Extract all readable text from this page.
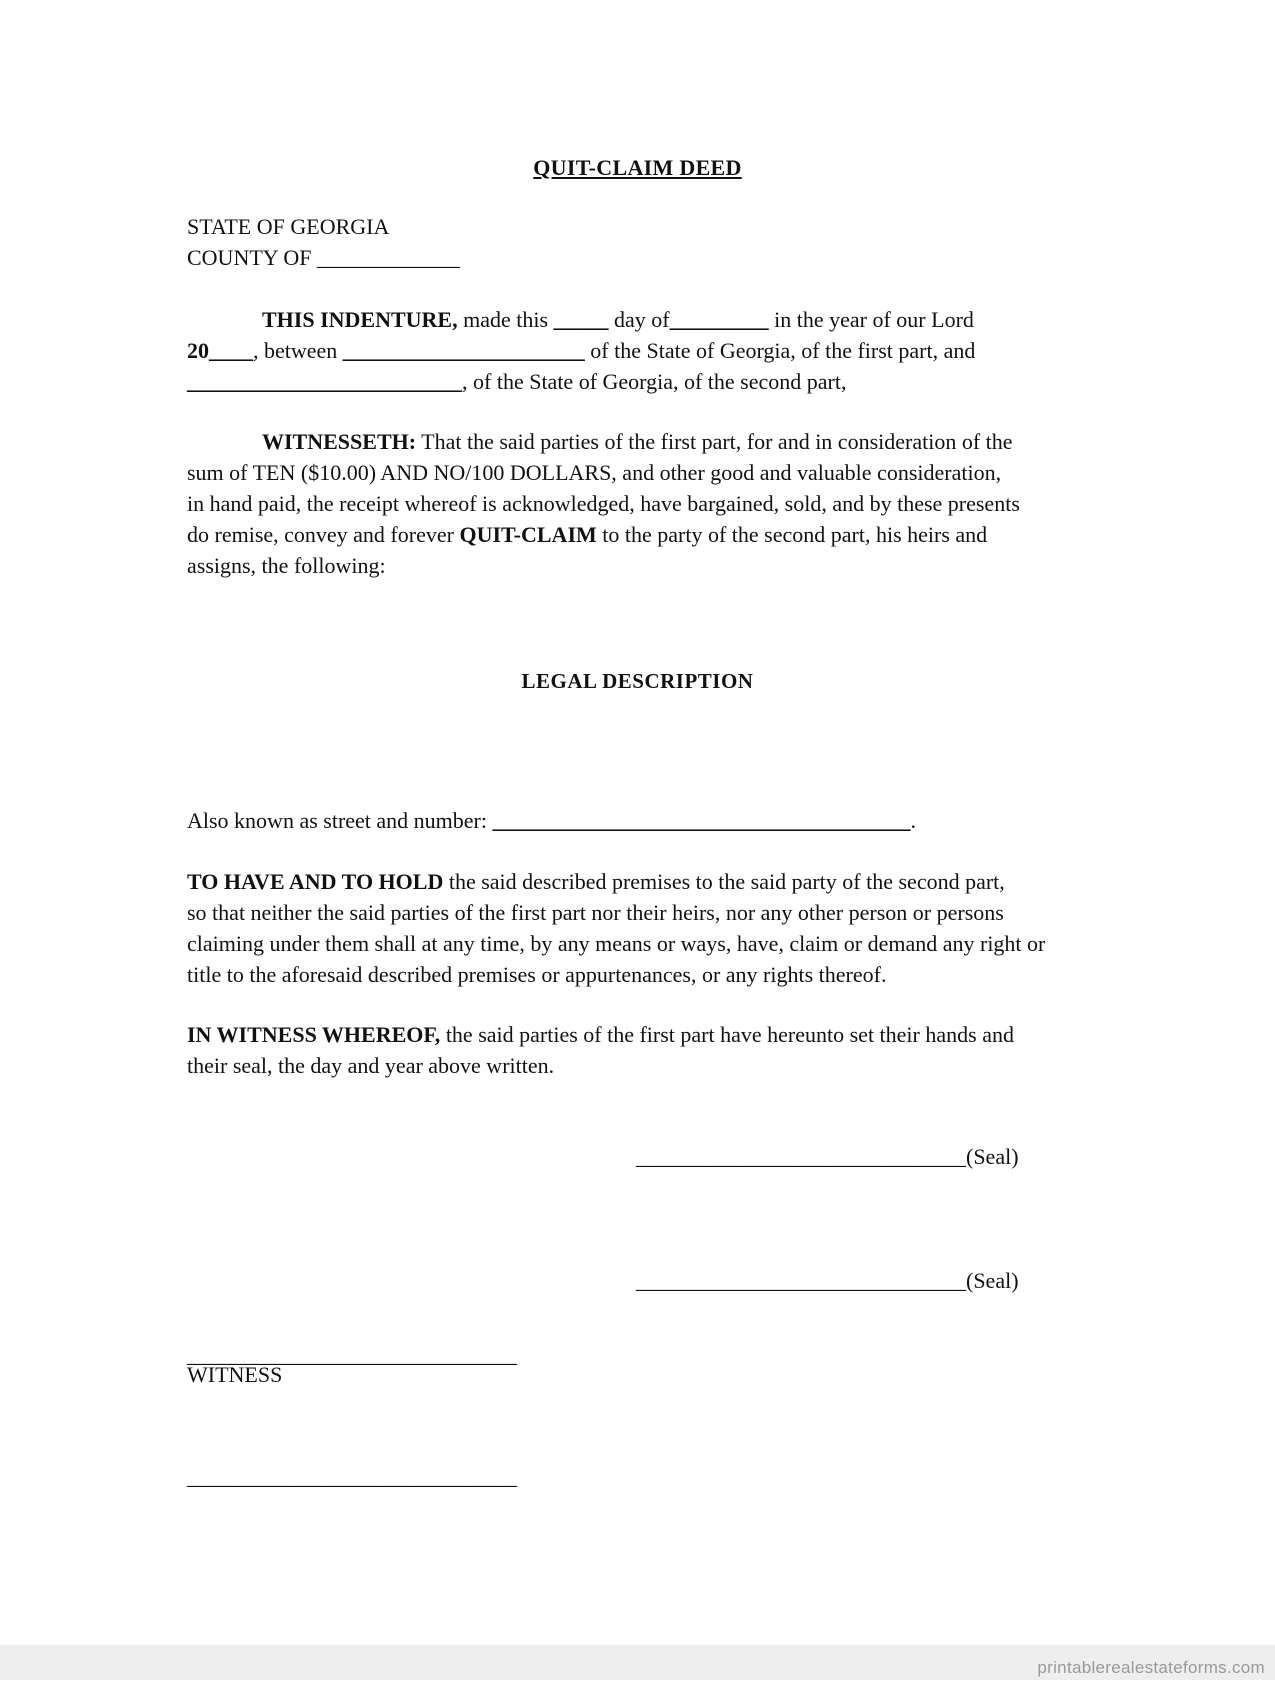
QUIT-CLAIM DEED
STATE OF GEORGIA
COUNTY OF _____________
THIS INDENTURE, made this _____ day of_________ in the year of our Lord
20____, between ______________________ of the State of Georgia, of the first part, and
_________________________, of the State of Georgia, of the second part,
WITNESSETH: That the said parties of the first part, for and in consideration of the
sum of TEN ($10.00) AND NO/100 DOLLARS, and other good and valuable consideration,
in hand paid, the receipt whereof is acknowledged, have bargained, sold, and by these presents
do remise, convey and forever QUIT-CLAIM to the party of the second part, his heirs and
assigns, the following:
LEGAL DESCRIPTION
Also known as street and number: ______________________________________.
TO HAVE AND TO HOLD the said described premises to the said party of the second part,
so that neither the said parties of the first part nor their heirs, nor any other person or persons
claiming under them shall at any time, by any means or ways, have, claim or demand any right or
title to the aforesaid described premises or appurtenances, or any rights thereof.
IN WITNESS WHEREOF, the said parties of the first part have hereunto set their hands and
their seal, the day and year above written.
______________________________(Seal)
______________________________(Seal)
______________________________
WITNESS
______________________________
printablerealestateforms.com
